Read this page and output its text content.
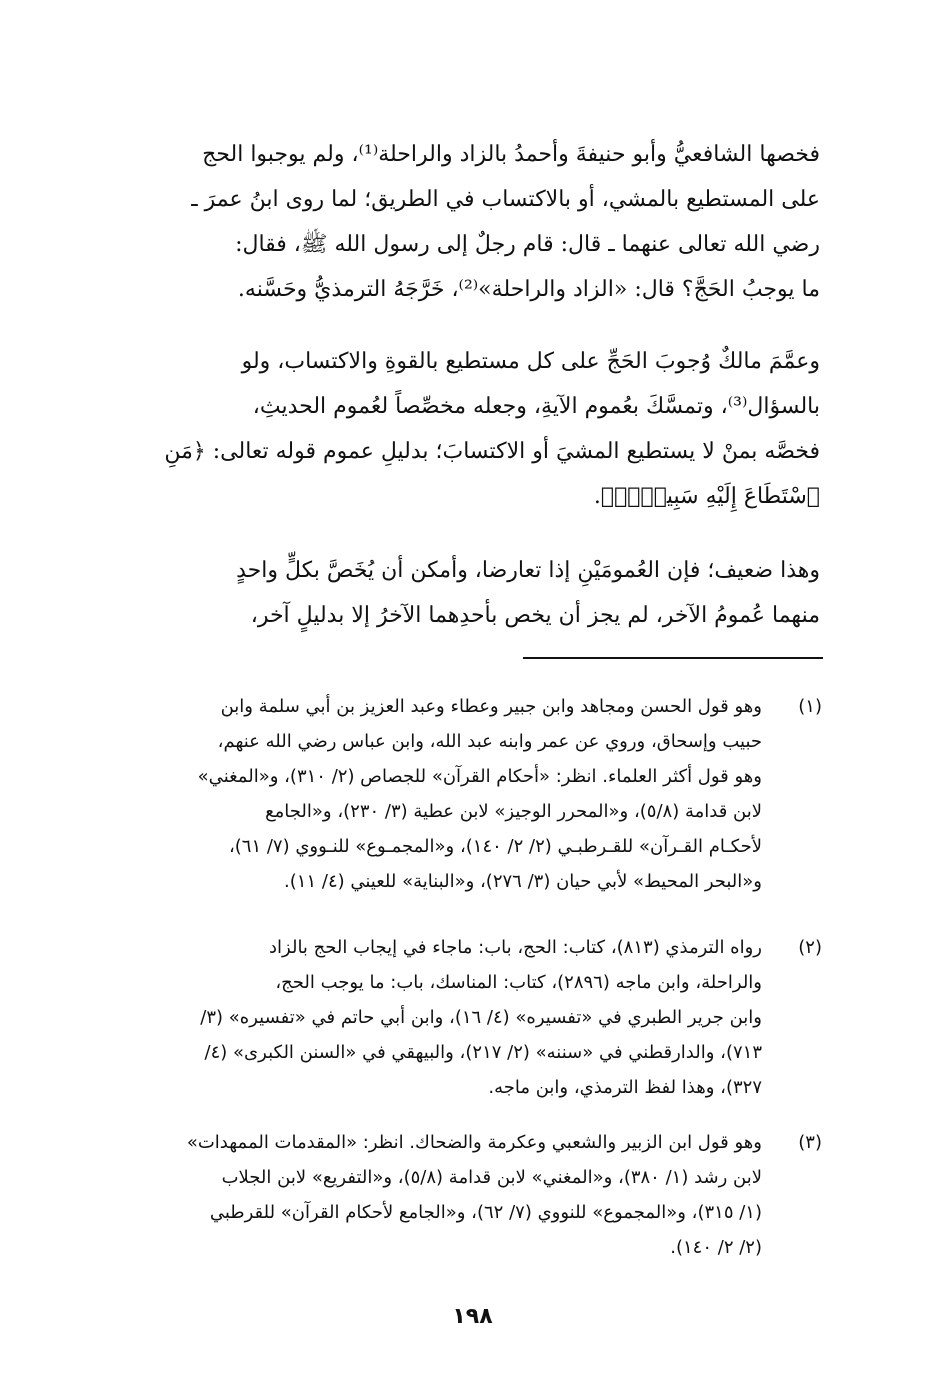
فخصها الشافعيُّ وأبو حنيفةَ وأحمدُ بالزاد والراحلة⁽¹⁾، ولم يوجبوا الحج
على المستطيع بالمشي، أو بالاكتساب في الطريق؛ لما روى ابنُ عمرَ ـ
رضي الله تعالى عنهما ـ قال: قام رجلٌ إلى رسول الله ﷺ، فقال:
ما يوجبُ الحَجَّ؟ قال: «الزاد والراحلة»⁽²⁾، خَرَّجَهُ الترمذيُّ وحَسَّنه.
وعمَّمَ مالكٌ وُجوبَ الحَجِّ على كل مستطيع بالقوةِ والاكتساب، ولو
بالسؤال⁽³⁾، وتمسَّكَ بعُموم الآيةِ، وجعله مخصِّصاً لعُموم الحديثِ،
فخصَّه بمنْ لا يستطيع المشيَ أو الاكتسابَ؛ بدليلِ عموم قوله تعالى: ﴿مَنِ
ٱسْتَطَاعَ إِلَيْهِ سَبِيلًاۚ﴾.
وهذا ضعيف؛ فإن العُمومَيْنِ إذا تعارضا، وأمكن أن يُخَصَّ بكلٍّ واحدٍ
منهما عُمومُ الآخر، لم يجز أن يخص بأحدِهما الآخرُ إلا بدليلٍ آخر،
(١)
وهو قول الحسن ومجاهد وابن جبير وعطاء وعبد العزيز بن أبي سلمة وابن
حبيب وإسحاق، وروي عن عمر وابنه عبد الله، وابن عباس رضي الله عنهم،
وهو قول أكثر العلماء. انظر: «أحكام القرآن» للجصاص (٢/ ٣١٠)، و«المغني»
لابن قدامة (٥/٨)، و«المحرر الوجيز» لابن عطية (٣/ ٢٣٠)، و«الجامع
لأحكـام القـرآن» للقـرطبـي (٢/ ٢/ ١٤٠)، و«المجمـوع» للنـووي (٧/ ٦١)،
و«البحر المحيط» لأبي حيان (٣/ ٢٧٦)، و«البناية» للعيني (٤/ ١١).
(٢)
رواه الترمذي (٨١٣)، كتاب: الحج، باب: ماجاء في إيجاب الحج بالزاد
والراحلة، وابن ماجه (٢٨٩٦)، كتاب: المناسك، باب: ما يوجب الحج،
وابن جرير الطبري في «تفسيره» (٤/ ١٦)، وابن أبي حاتم في «تفسيره» (٣/
٧١٣)، والدارقطني في «سننه» (٢/ ٢١٧)، والبيهقي في «السنن الكبرى» (٤/
٣٢٧)، وهذا لفظ الترمذي، وابن ماجه.
(٣)
وهو قول ابن الزبير والشعبي وعكرمة والضحاك. انظر: «المقدمات الممهدات»
لابن رشد (١/ ٣٨٠)، و«المغني» لابن قدامة (٥/٨)، و«التفريع» لابن الجلاب
(١/ ٣١٥)، و«المجموع» للنووي (٧/ ٦٢)، و«الجامع لأحكام القرآن» للقرطبي
(٢/ ٢/ ١٤٠).
١٩٨
